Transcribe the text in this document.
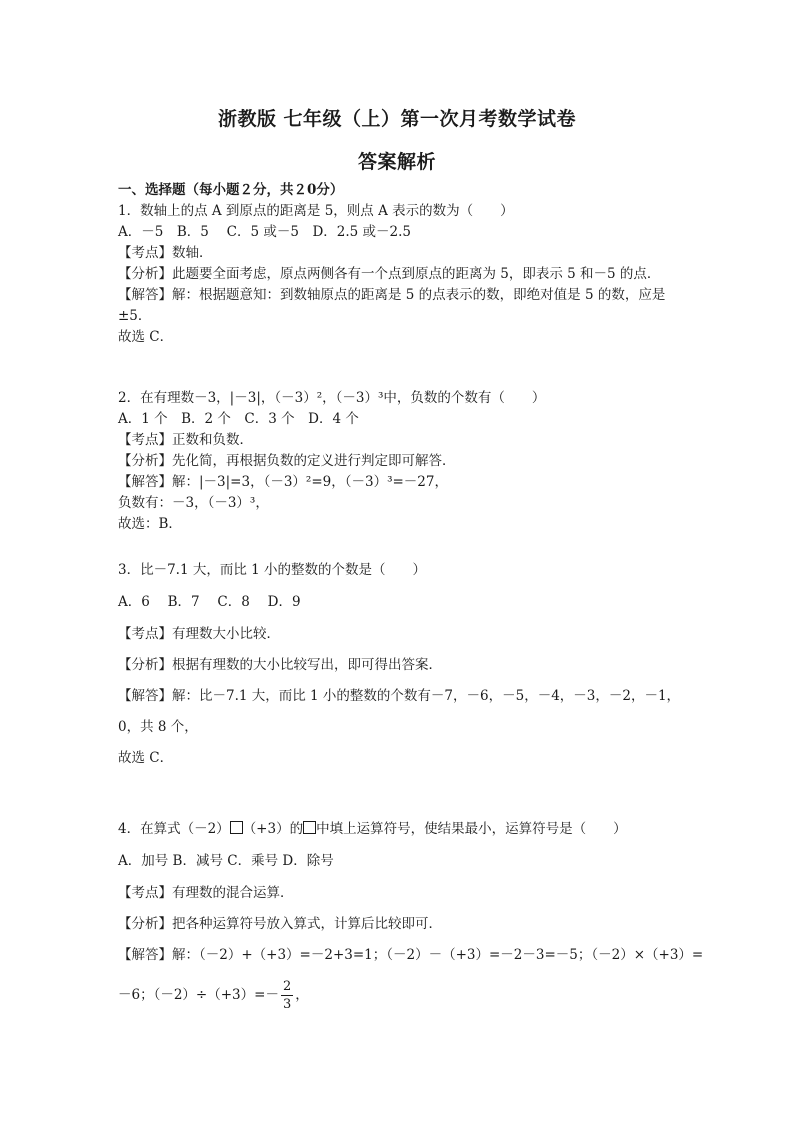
浙教版 七年级（上）第一次月考数学试卷
答案解析
一、选择题（每小题２分，共２0分）
1．数轴上的点 A 到原点的距离是 5，则点 A 表示的数为（　　）
A．－5　B．5　 C．5 或－5　D．2.5 或－2.5
【考点】数轴．
【分析】此题要全面考虑，原点两侧各有一个点到原点的距离为 5，即表示 5 和－5 的点．
【解答】解：根据题意知：到数轴原点的距离是 5 的点表示的数，即绝对值是 5 的数，应是
±5．
故选 C．
2．在有理数－3，|－3|，（－3）²，（－3）³中，负数的个数有（　　）
A．1 个　B．2 个　C．3 个　D．4 个
【考点】正数和负数．
【分析】先化简，再根据负数的定义进行判定即可解答．
【解答】解：|－3|=3，（－3）²=9，（－3）³=－27，
负数有：－3，（－3）³，
故选：B．
3．比－7.1 大，而比 1 小的整数的个数是（　　）
A．6　 B．7　 C．8　 D．9
【考点】有理数大小比较．
【分析】根据有理数的大小比较写出，即可得出答案．
【解答】解：比－7.1 大，而比 1 小的整数的个数有－7，－6，－5，－4，－3，－2，－1，
0，共 8 个，
故选 C．
4．在算式（－2） （+3）的 中填上运算符号，使结果最小，运算符号是（　　）
A．加号 B．减号 C．乘号 D．除号
【考点】有理数的混合运算．
【分析】把各种运算符号放入算式，计算后比较即可．
【解答】解：（－2）+（+3）=－2+3=1；（－2）－（+3）=－2－3=－5；（－2）×（+3）=
－6；$(-2)\div(+3)=- \frac{2}{3}$ ，
